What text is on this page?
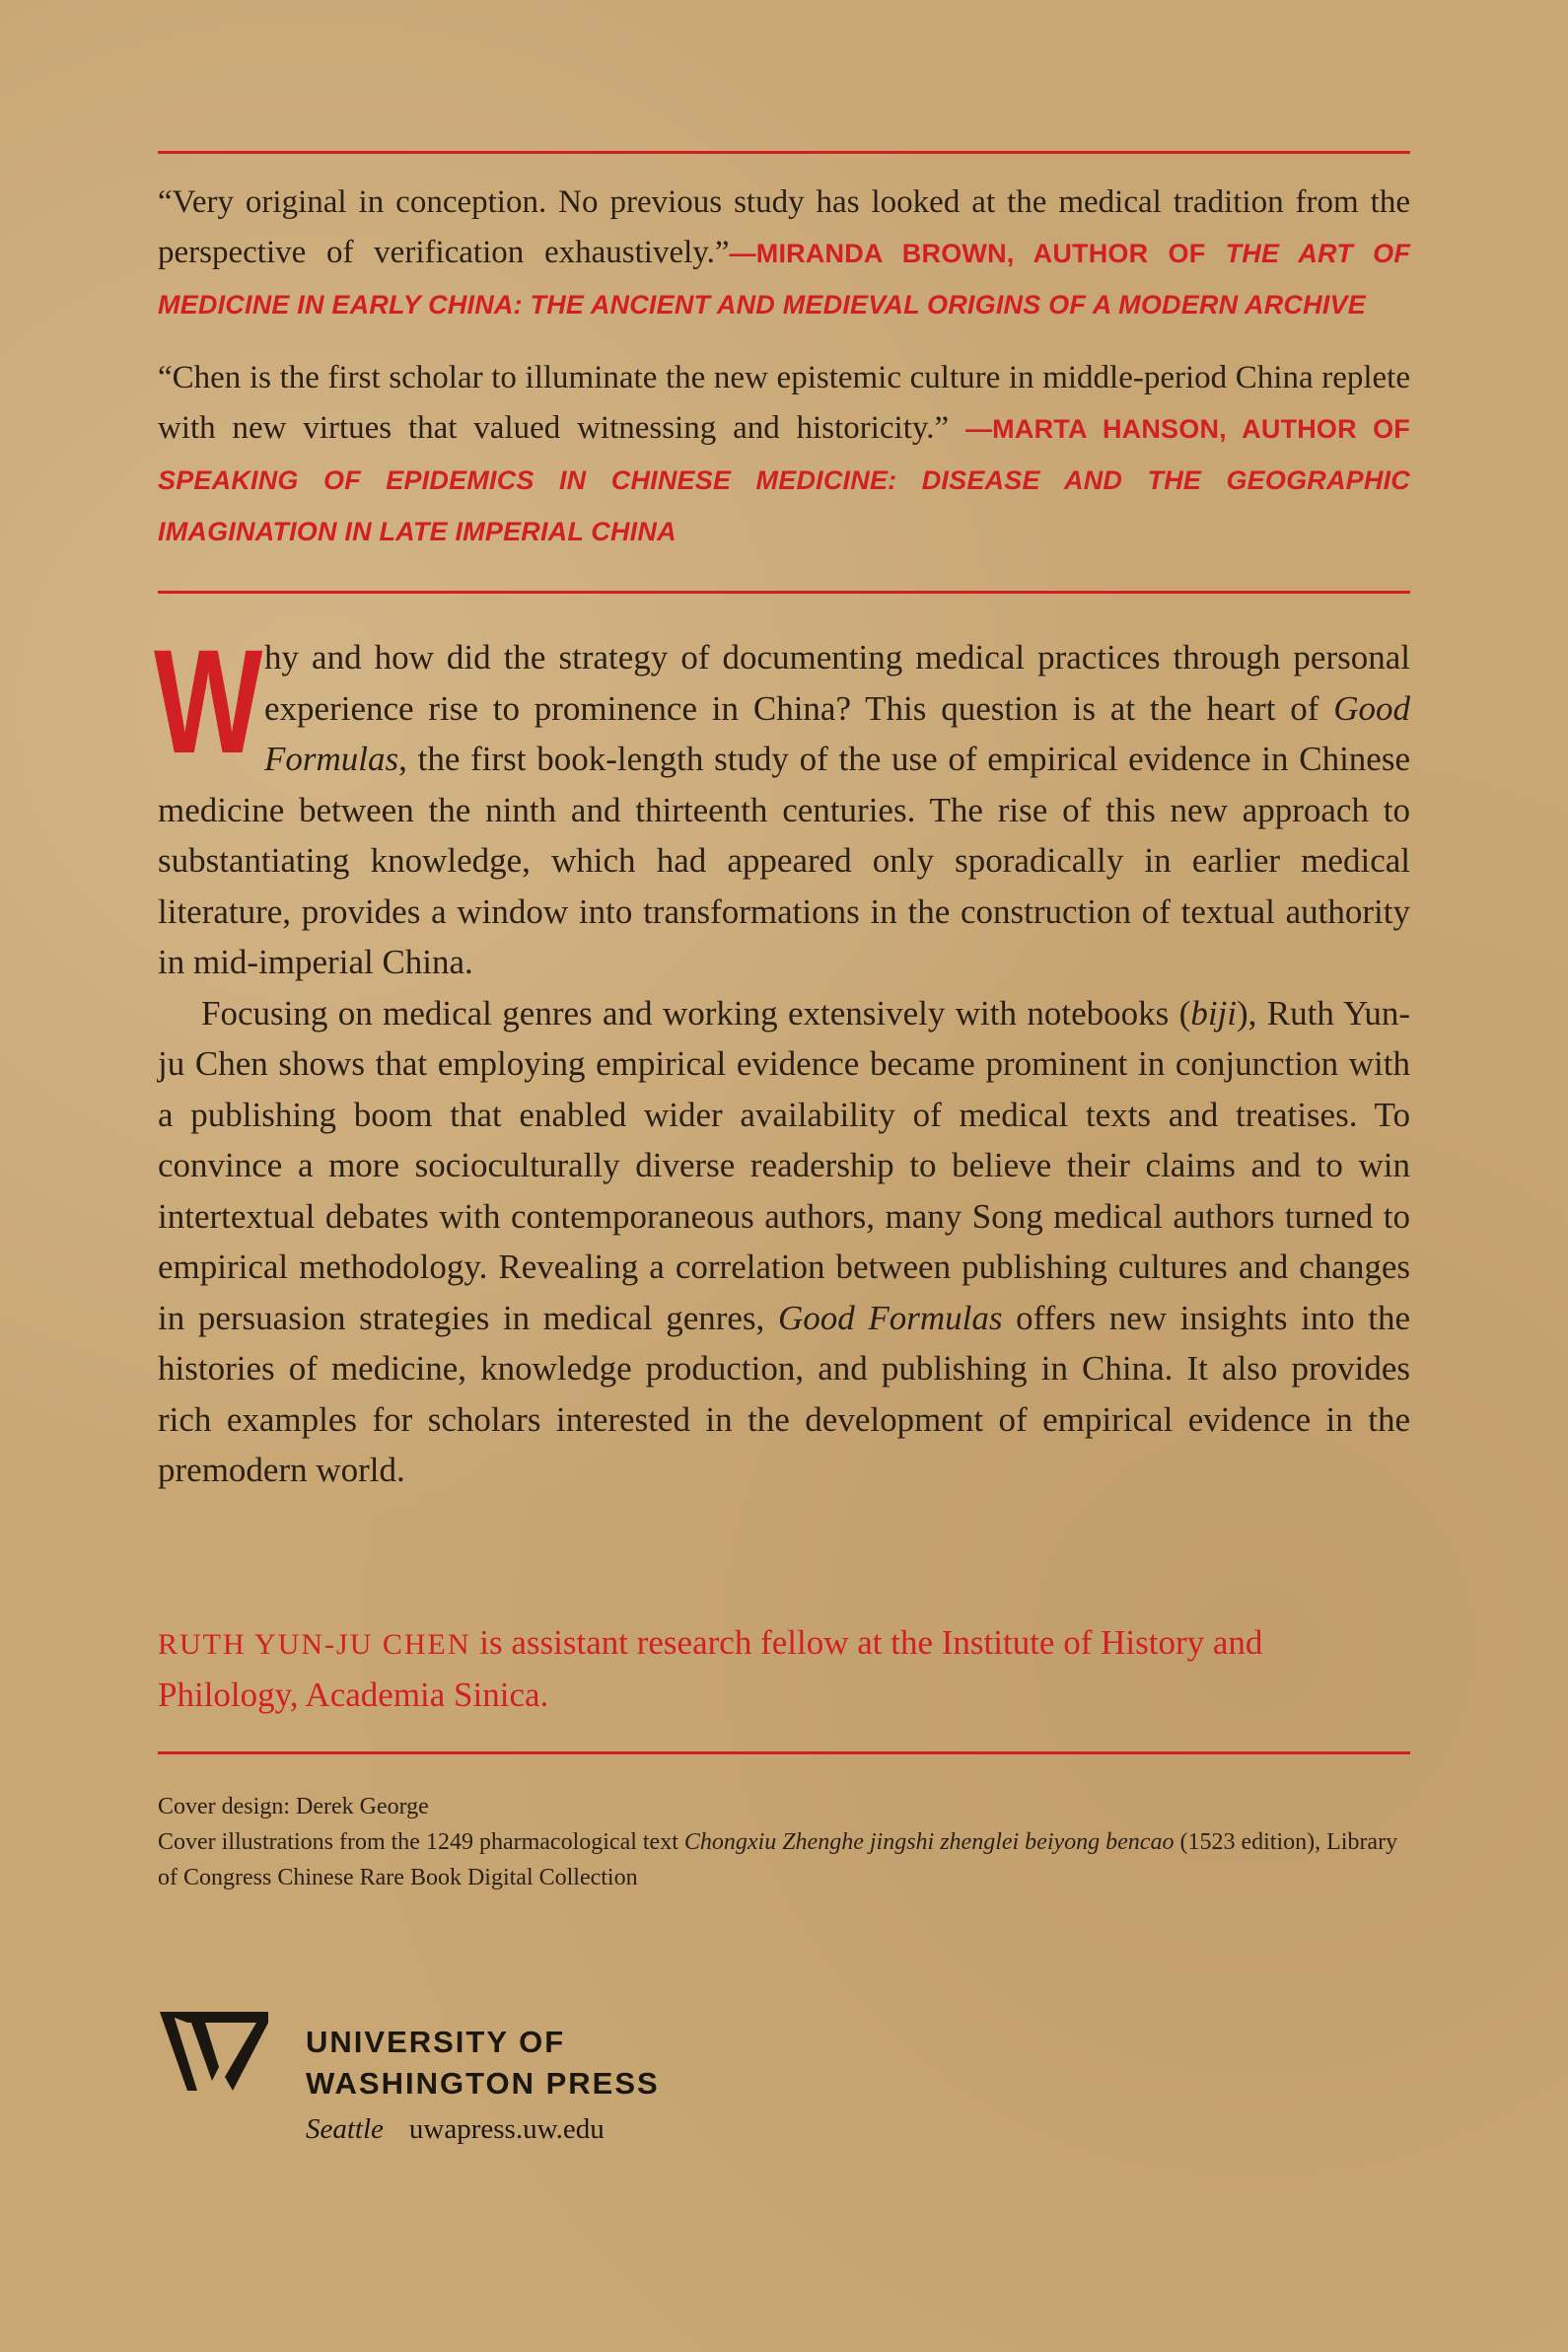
“Very original in conception. No previous study has looked at the medical tradition from the perspective of verification exhaustively.”—MIRANDA BROWN, AUTHOR OF THE ART OF MEDICINE IN EARLY CHINA: THE ANCIENT AND MEDIEVAL ORIGINS OF A MODERN ARCHIVE
“Chen is the first scholar to illuminate the new epistemic culture in middle-period China replete with new virtues that valued witnessing and historicity.” —MARTA HANSON, AUTHOR OF SPEAKING OF EPIDEMICS IN CHINESE MEDICINE: DISEASE AND THE GEOGRAPHIC IMAGINATION IN LATE IMPERIAL CHINA

Why and how did the strategy of documenting medical practices through personal experience rise to prominence in China? This question is at the heart of Good Formulas, the first book-length study of the use of empirical evidence in Chinese medicine between the ninth and thirteenth centuries. The rise of this new approach to substantiating knowledge, which had appeared only sporadically in earlier medical literature, provides a window into transformations in the construction of textual authority in mid-imperial China.

Focusing on medical genres and working extensively with notebooks (biji), Ruth Yun-ju Chen shows that employing empirical evidence became prominent in conjunction with a publishing boom that enabled wider availability of medical texts and treatises. To convince a more socioculturally diverse readership to believe their claims and to win intertextual debates with contemporaneous authors, many Song medical authors turned to empirical methodology. Revealing a correlation between publishing cultures and changes in persuasion strategies in medical genres, Good Formulas offers new insights into the histories of medicine, knowledge production, and publishing in China. It also provides rich examples for scholars interested in the development of empirical evidence in the premodern world.

RUTH YUN-JU CHEN is assistant research fellow at the Institute of History and Philology, Academia Sinica.

Cover design: Derek George

Cover illustrations from the 1249 pharmacological text Chongxiu Zhenghe jingshi zhenglei beiyong bencao (1523 edition), Library of Congress Chinese Rare Book Digital Collection

UNIVERSITY OF
WASHINGTON PRESS
Seattle uwapress.uw.edu
